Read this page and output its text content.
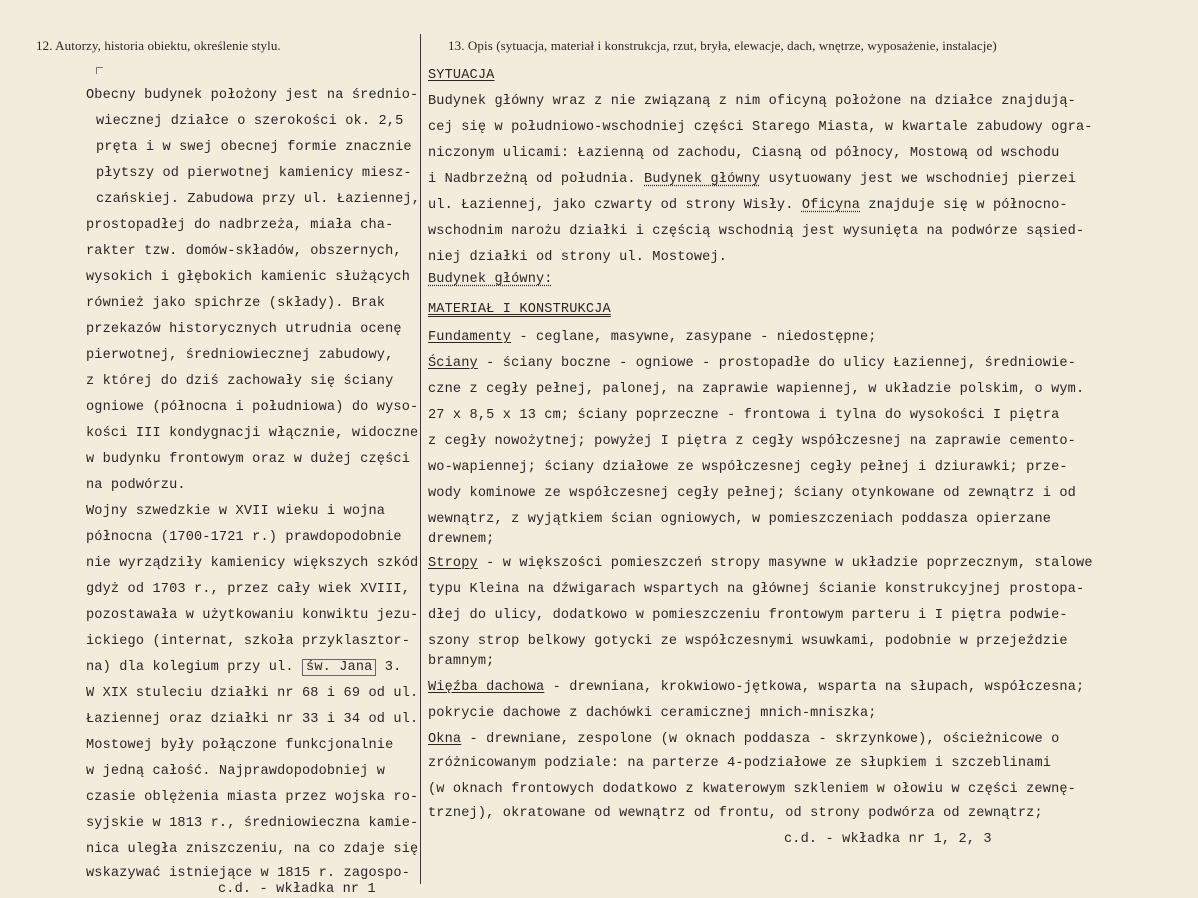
12. Autorzy, historia obiektu, określenie stylu.
Obecny budynek położony jest na średnio-
wiecznej działce o szerokości ok. 2,5
pręta i w swej obecnej formie znacznie
płytszy od pierwotnej kamienicy miesz-
czańskiej. Zabudowa przy ul. Łaziennej,
prostopadłej do nadbrzeża, miała cha-
rakter tzw. domów-składów, obszernych,
wysokich i głębokich kamienic służących
również jako spichrze (składy). Brak
przekazów historycznych utrudnia ocenę
pierwotnej, średniowiecznej zabudowy,
z której do dziś zachowały się ściany
ogniowe (północna i południowa) do wyso-
kości III kondygnacji włącznie, widoczne
w budynku frontowym oraz w dużej części
na podwórzu.
Wojny szwedzkie w XVII wieku i wojna
północna (1700-1721 r.) prawdopodobnie
nie wyrządziły kamienicy większych szkód
gdyż od 1703 r., przez cały wiek XVIII,
pozostawała w użytkowaniu konwiktu jezu-
ickiego (internat, szkoła przyklasztor-
na) dla kolegium przy ul. św. Jana 3.
W XIX stuleciu działki nr 68 i 69 od ul.
Łaziennej oraz działki nr 33 i 34 od ul.
Mostowej były połączone funkcjonalnie
w jedną całość. Najprawdopodobniej w
czasie oblężenia miasta przez wojska ro-
syjskie w 1813 r., średniowieczna kamie-
nica uległa zniszczeniu, na co zdaje się
wskazywać istniejące w 1815 r. zagospo-
c.d. - wkładka nr 1
13. Opis (sytuacja, materiał i konstrukcja, rzut, bryła, elewacje, dach, wnętrze, wyposażenie, instalacje)
SYTUACJA
Budynek główny wraz z nie związaną z nim oficyną położone na działce znajdują-
cej się w południowo-wschodniej części Starego Miasta, w kwartale zabudowy ogra-
niczonym ulicami: Łazienną od zachodu, Ciasną od północy, Mostową od wschodu
i Nadbrzeżną od południa. Budynek główny usytuowany jest we wschodniej pierzei
ul. Łaziennej, jako czwarty od strony Wisły. Oficyna znajduje się w północno-
wschodnim narożu działki i częścią wschodnią jest wysunięta na podwórze sąsied-
niej działki od strony ul. Mostowej.
Budynek główny:
MATERIAŁ I KONSTRUKCJA
Fundamenty - ceglane, masywne, zasypane - niedostępne;
Ściany - ściany boczne - ogniowe - prostopadłe do ulicy Łaziennej, średniowie-
czne z cegły pełnej, palonej, na zaprawie wapiennej, w układzie polskim, o wym.
27 x 8,5 x 13 cm; ściany poprzeczne - frontowa i tylna do wysokości I piętra
z cegły nowożytnej; powyżej I piętra z cegły współczesnej na zaprawie cemento-
wo-wapiennej; ściany działowe ze współczesnej cegły pełnej i dziurawki; prze-
wody kominowe ze współczesnej cegły pełnej; ściany otynkowane od zewnątrz i od
wewnątrz, z wyjątkiem ścian ogniowych, w pomieszczeniach poddasza opierzane
drewnem;
Stropy - w większości pomieszczeń stropy masywne w układzie poprzecznym, stalowe
typu Kleina na dźwigarach wspartych na głównej ścianie konstrukcyjnej prostopa-
dłej do ulicy, dodatkowo w pomieszczeniu frontowym parteru i I piętra podwie-
szony strop belkowy gotycki ze współczesnymi wsuwkami, podobnie w przejeździe
bramnym;
Więźba dachowa - drewniana, krokwiowo-jętkowa, wsparta na słupach, współczesna;
pokrycie dachowe z dachówki ceramicznej mnich-mniszka;
Okna - drewniane, zespolone (w oknach poddasza - skrzynkowe), ościeżnicowe o
zróżnicowanym podziale: na parterze 4-podziałowe ze słupkiem i szczeblinami
(w oknach frontowych dodatkowo z kwaterowym szkleniem w ołowiu w części zewnę-
trznej), okratowane od wewnątrz od frontu, od strony podwórza od zewnątrz;
c.d. - wkładka nr 1, 2, 3
